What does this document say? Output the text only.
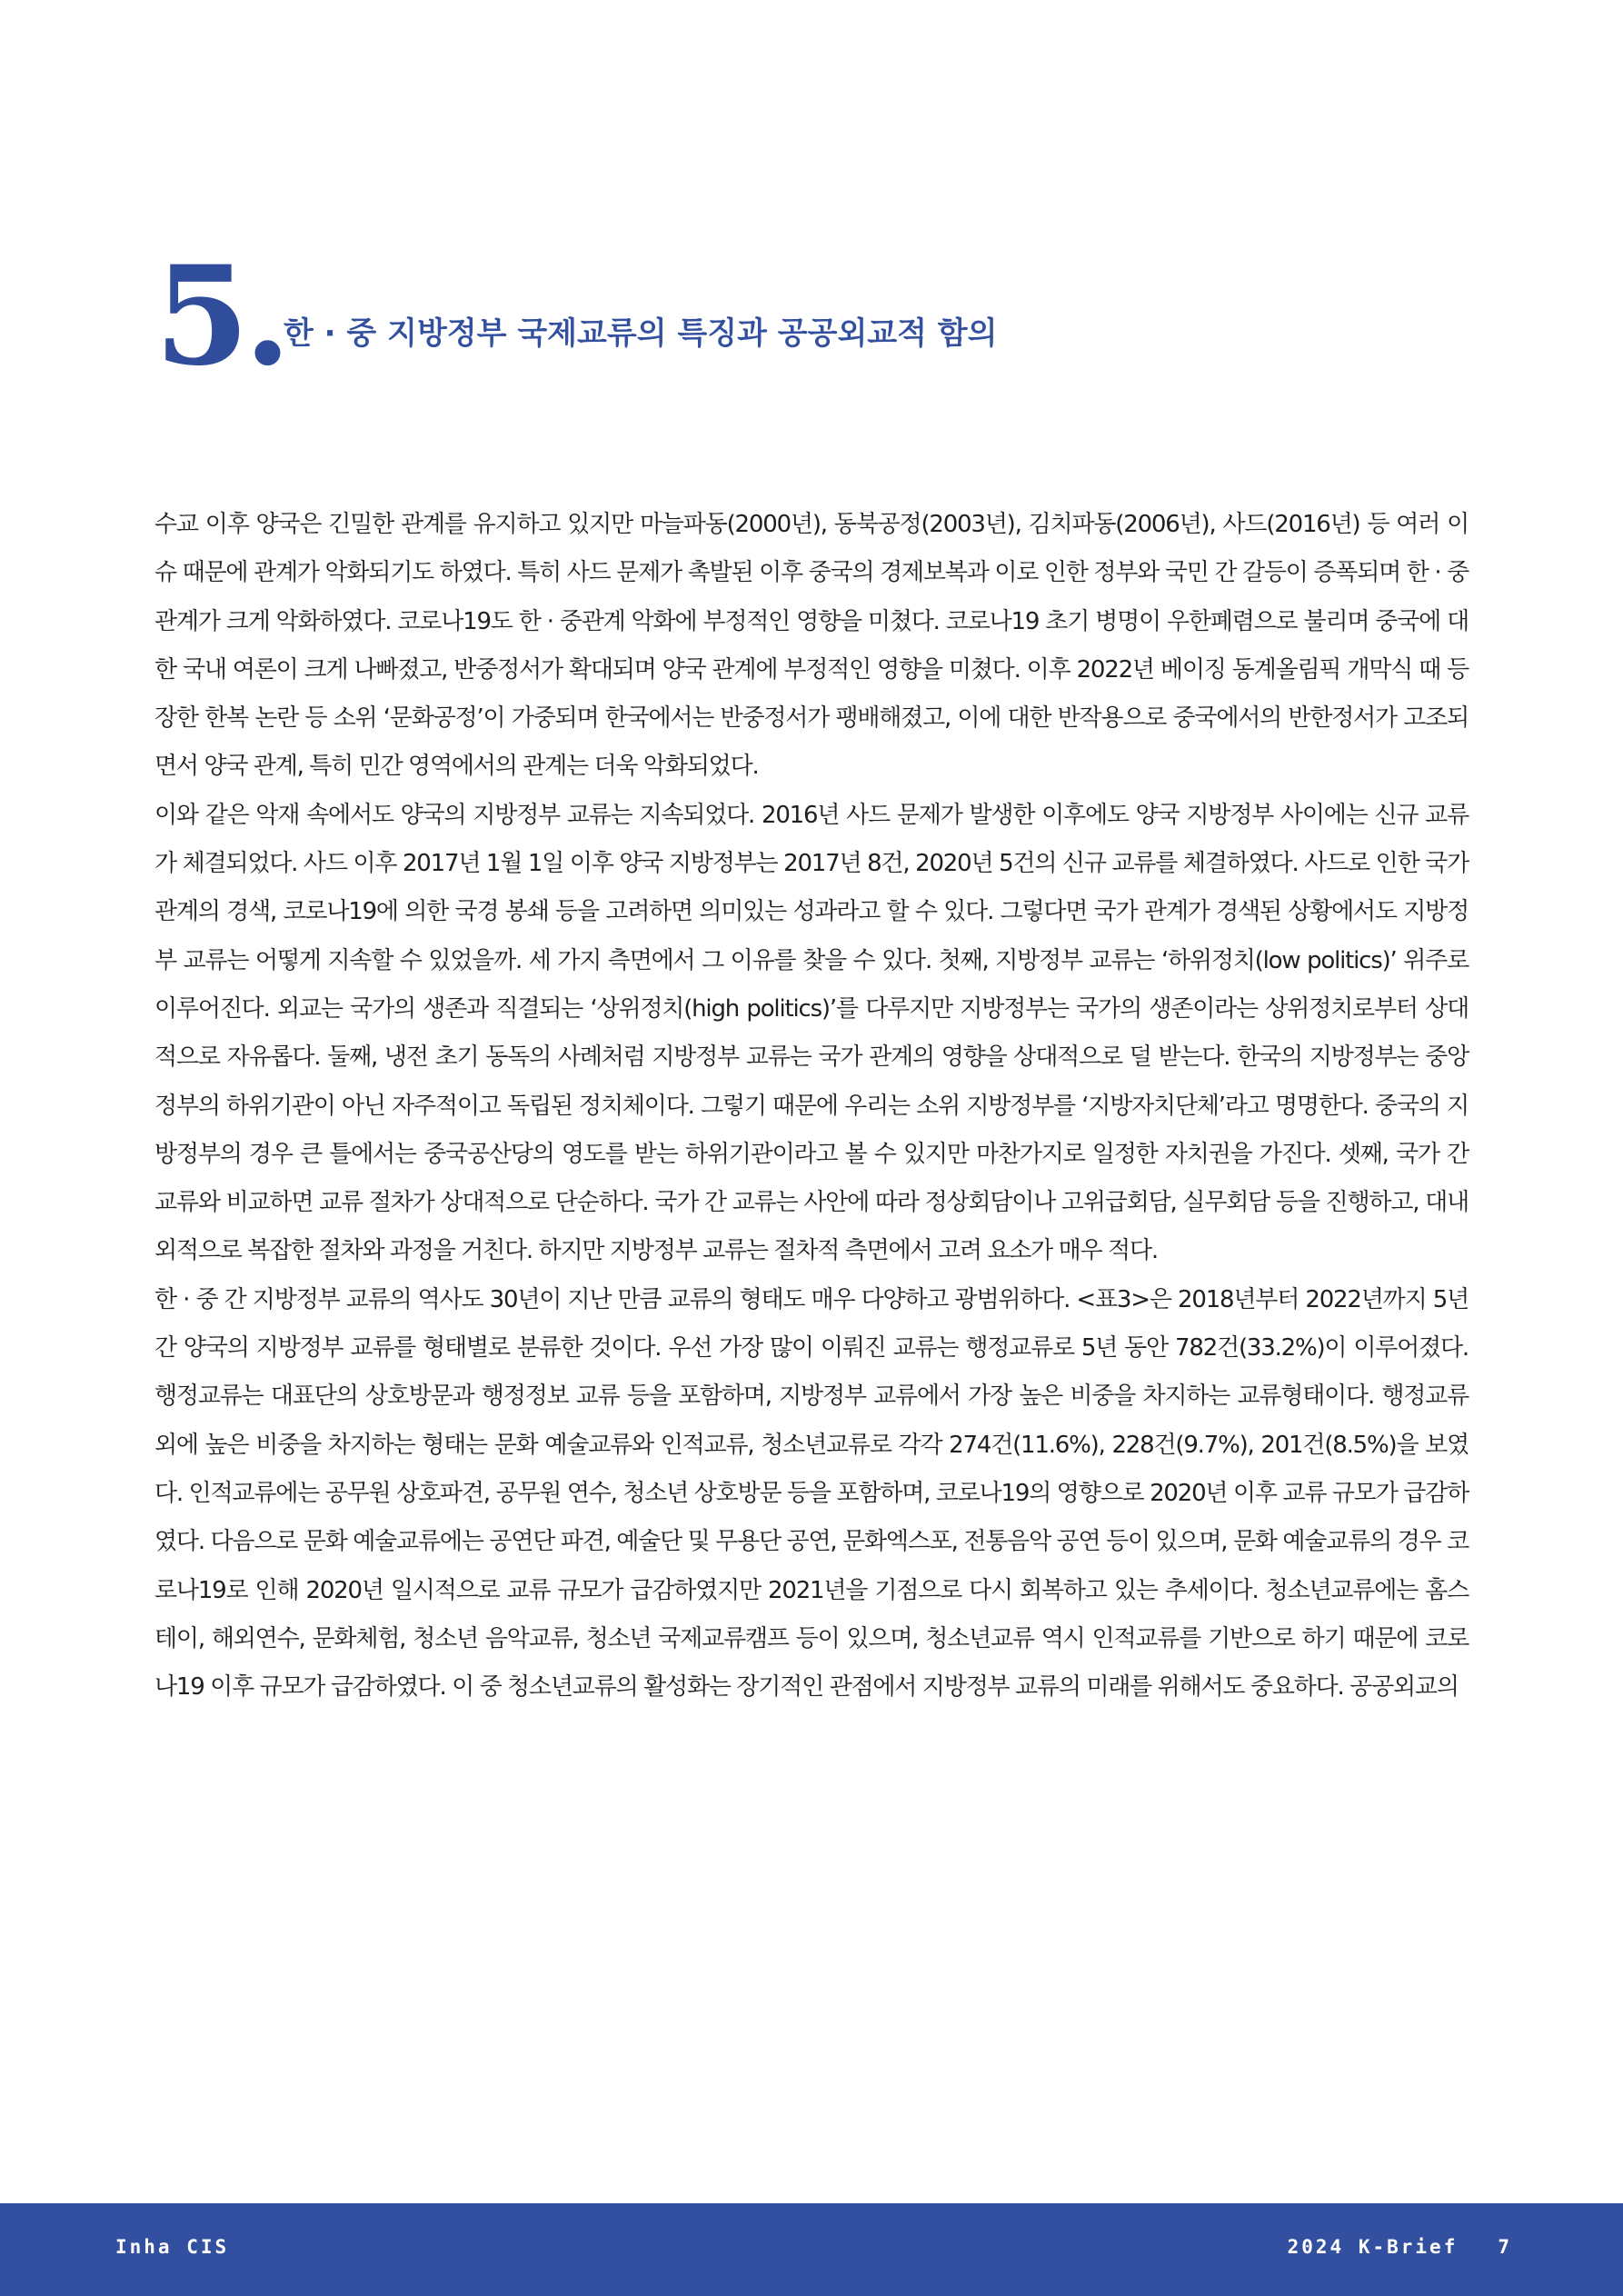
5.
한 · 중 지방정부 국제교류의 특징과 공공외교적 함의

수교 이후 양국은 긴밀한 관계를 유지하고 있지만 마늘파동(2000년), 동북공정(2003년), 김치파동(2006년), 사드(2016년) 등 여러 이슈 때문에 관계가 악화되기도 하였다. 특히 사드 문제가 촉발된 이후 중국의 경제보복과 이로 인한 정부와 국민 간 갈등이 증폭되며 한 · 중관계가 크게 악화하였다. 코로나19도 한 · 중관계 악화에 부정적인 영향을 미쳤다. 코로나19 초기 병명이 우한폐렴으로 불리며 중국에 대한 국내 여론이 크게 나빠졌고, 반중정서가 확대되며 양국 관계에 부정적인 영향을 미쳤다. 이후 2022년 베이징 동계올림픽 개막식 때 등장한 한복 논란 등 소위 ‘문화공정’이 가중되며 한국에서는 반중정서가 팽배해졌고, 이에 대한 반작용으로 중국에서의 반한정서가 고조되면서 양국 관계, 특히 민간 영역에서의 관계는 더욱 악화되었다.

이와 같은 악재 속에서도 양국의 지방정부 교류는 지속되었다. 2016년 사드 문제가 발생한 이후에도 양국 지방정부 사이에는 신규 교류가 체결되었다. 사드 이후 2017년 1월 1일 이후 양국 지방정부는 2017년 8건, 2020년 5건의 신규 교류를 체결하였다. 사드로 인한 국가 관계의 경색, 코로나19에 의한 국경 봉쇄 등을 고려하면 의미있는 성과라고 할 수 있다. 그렇다면 국가 관계가 경색된 상황에서도 지방정부 교류는 어떻게 지속할 수 있었을까. 세 가지 측면에서 그 이유를 찾을 수 있다. 첫째, 지방정부 교류는 ‘하위정치(low politics)’ 위주로 이루어진다. 외교는 국가의 생존과 직결되는 ‘상위정치(high politics)’를 다루지만 지방정부는 국가의 생존이라는 상위정치로부터 상대적으로 자유롭다. 둘째, 냉전 초기 동독의 사례처럼 지방정부 교류는 국가 관계의 영향을 상대적으로 덜 받는다. 한국의 지방정부는 중앙정부의 하위기관이 아닌 자주적이고 독립된 정치체이다. 그렇기 때문에 우리는 소위 지방정부를 ‘지방자치단체’라고 명명한다. 중국의 지방정부의 경우 큰 틀에서는 중국공산당의 영도를 받는 하위기관이라고 볼 수 있지만 마찬가지로 일정한 자치권을 가진다. 셋째, 국가 간 교류와 비교하면 교류 절차가 상대적으로 단순하다. 국가 간 교류는 사안에 따라 정상회담이나 고위급회담, 실무회담 등을 진행하고, 대내외적으로 복잡한 절차와 과정을 거친다. 하지만 지방정부 교류는 절차적 측면에서 고려 요소가 매우 적다.

한 · 중 간 지방정부 교류의 역사도 30년이 지난 만큼 교류의 형태도 매우 다양하고 광범위하다. <표3>은 2018년부터 2022년까지 5년 간 양국의 지방정부 교류를 형태별로 분류한 것이다. 우선 가장 많이 이뤄진 교류는 행정교류로 5년 동안 782건(33.2%)이 이루어졌다. 행정교류는 대표단의 상호방문과 행정정보 교류 등을 포함하며, 지방정부 교류에서 가장 높은 비중을 차지하는 교류형태이다. 행정교류 외에 높은 비중을 차지하는 형태는 문화 예술교류와 인적교류, 청소년교류로 각각 274건(11.6%), 228건(9.7%), 201건(8.5%)을 보였다. 인적교류에는 공무원 상호파견, 공무원 연수, 청소년 상호방문 등을 포함하며, 코로나19의 영향으로 2020년 이후 교류 규모가 급감하였다. 다음으로 문화 예술교류에는 공연단 파견, 예술단 및 무용단 공연, 문화엑스포, 전통음악 공연 등이 있으며, 문화 예술교류의 경우 코로나19로 인해 2020년 일시적으로 교류 규모가 급감하였지만 2021년을 기점으로 다시 회복하고 있는 추세이다. 청소년교류에는 홈스테이, 해외연수, 문화체험, 청소년 음악교류, 청소년 국제교류캠프 등이 있으며, 청소년교류 역시 인적교류를 기반으로 하기 때문에 코로나19 이후 규모가 급감하였다. 이 중 청소년교류의 활성화는 장기적인 관점에서 지방정부 교류의 미래를 위해서도 중요하다. 공공외교의

Inha CIS	2024 K-Brief 7
